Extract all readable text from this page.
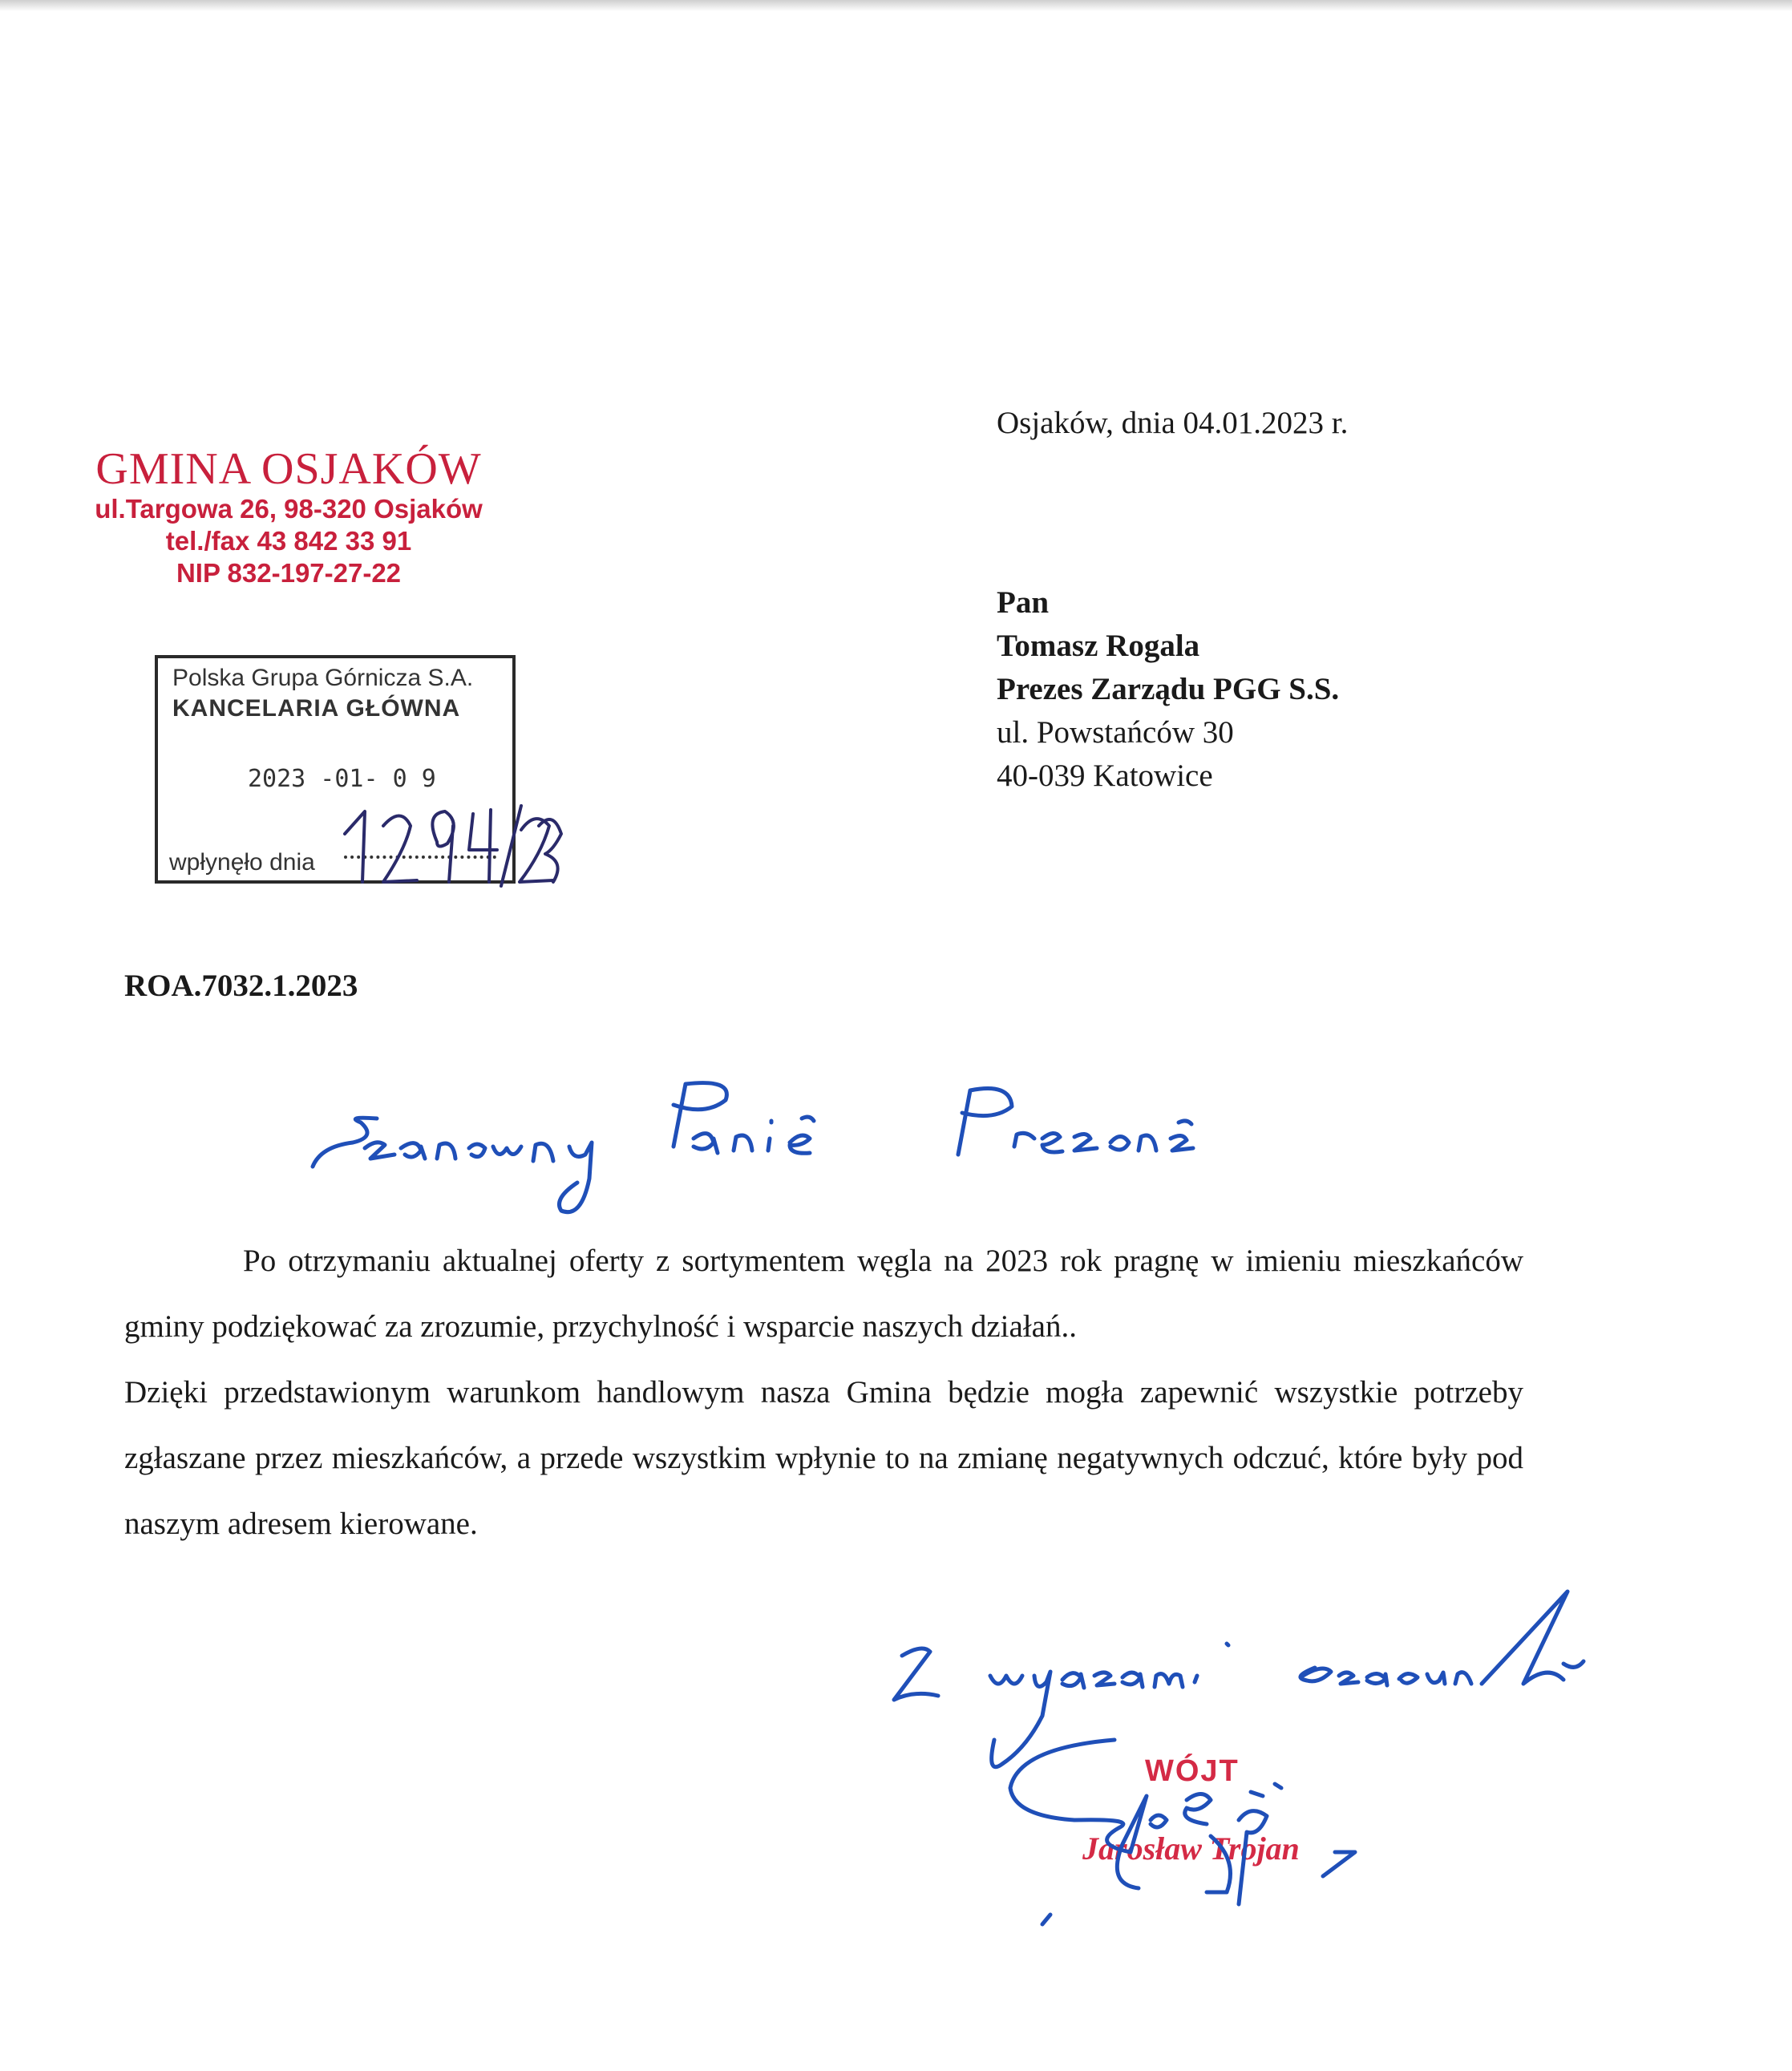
GMINA OSJAKÓW
ul.Targowa 26, 98-320 Osjaków
tel./fax 43 842 33 91
NIP 832-197-27-22
Polska Grupa Górnicza S.A.
KANCELARIA GŁÓWNA
2023 -01- 0 9
wpłynęło dnia
Osjaków, dnia 04.01.2023 r.
Pan
Tomasz Rogala
Prezes Zarządu PGG S.S.
ul. Powstańców 30
40-039 Katowice
ROA.7032.1.2023

Po otrzymaniu aktualnej oferty z sortymentem węgla na 2023 rok pragnę w imieniu mieszkańców gminy podziękować za zrozumie, przychylność i wsparcie naszych działań..

Dzięki przedstawionym warunkom handlowym nasza Gmina będzie mogła zapewnić wszystkie potrzeby zgłaszane przez mieszkańców, a przede wszystkim wpłynie to na zmianę negatywnych odczuć, które były pod naszym adresem kierowane.

WÓJT
Jarosław Trojan
